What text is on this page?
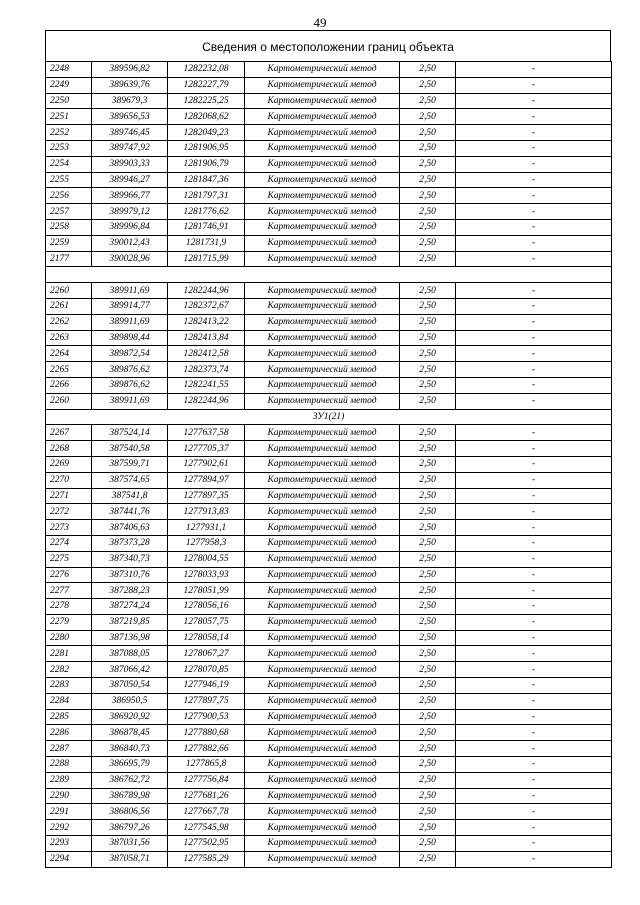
49
Сведения о местоположении границ объекта
2248	389596,82	1282232,08	Картометрический метод	2,50	-
2249	389639,76	1282227,79	Картометрический метод	2,50	-
2250	389679,3	1282225,25	Картометрический метод	2,50	-
2251	389656,53	1282068,62	Картометрический метод	2,50	-
2252	389746,45	1282049,23	Картометрический метод	2,50	-
2253	389747,92	1281906,95	Картометрический метод	2,50	-
2254	389903,33	1281906,79	Картометрический метод	2,50	-
2255	389946,27	1281847,36	Картометрический метод	2,50	-
2256	389966,77	1281797,31	Картометрический метод	2,50	-
2257	389979,12	1281776,62	Картометрический метод	2,50	-
2258	389996,84	1281746,91	Картометрический метод	2,50	-
2259	390012,43	1281731,9	Картометрический метод	2,50	-
2177	390028,96	1281715,99	Картометрический метод	2,50	-

2260	389911,69	1282244,96	Картометрический метод	2,50	-
2261	389914,77	1282372,67	Картометрический метод	2,50	-
2262	389911,69	1282413,22	Картометрический метод	2,50	-
2263	389898,44	1282413,84	Картометрический метод	2,50	-
2264	389872,54	1282412,58	Картометрический метод	2,50	-
2265	389876,62	1282373,74	Картометрический метод	2,50	-
2266	389876,62	1282241,55	Картометрический метод	2,50	-
2260	389911,69	1282244,96	Картометрический метод	2,50	-
ЗУ1(21)					
2267	387524,14	1277637,58	Картометрический метод	2,50	-
2268	387540,58	1277705,37	Картометрический метод	2,50	-
2269	387599,71	1277902,61	Картометрический метод	2,50	-
2270	387574,65	1277894,97	Картометрический метод	2,50	-
2271	387541,8	1277897,35	Картометрический метод	2,50	-
2272	387441,76	1277913,83	Картометрический метод	2,50	-
2273	387406,63	1277931,1	Картометрический метод	2,50	-
2274	387373,28	1277958,3	Картометрический метод	2,50	-
2275	387340,73	1278004,55	Картометрический метод	2,50	-
2276	387310,76	1278033,93	Картометрический метод	2,50	-
2277	387288,23	1278051,99	Картометрический метод	2,50	-
2278	387274,24	1278056,16	Картометрический метод	2,50	-
2279	387219,85	1278057,75	Картометрический метод	2,50	-
2280	387136,98	1278058,14	Картометрический метод	2,50	-
2281	387088,05	1278067,27	Картометрический метод	2,50	-
2282	387066,42	1278070,85	Картометрический метод	2,50	-
2283	387050,54	1277946,19	Картометрический метод	2,50	-
2284	386950,5	1277897,75	Картометрический метод	2,50	-
2285	386920,92	1277900,53	Картометрический метод	2,50	-
2286	386878,45	1277880,68	Картометрический метод	2,50	-
2287	386840,73	1277882,66	Картометрический метод	2,50	-
2288	386695,79	1277865,8	Картометрический метод	2,50	-
2289	386762,72	1277756,84	Картометрический метод	2,50	-
2290	386789,98	1277681,26	Картометрический метод	2,50	-
2291	386806,56	1277667,78	Картометрический метод	2,50	-
2292	386797,26	1277545,98	Картометрический метод	2,50	-
2293	387031,56	1277502,95	Картометрический метод	2,50	-
2294	387058,71	1277585,29	Картометрический метод	2,50	-
